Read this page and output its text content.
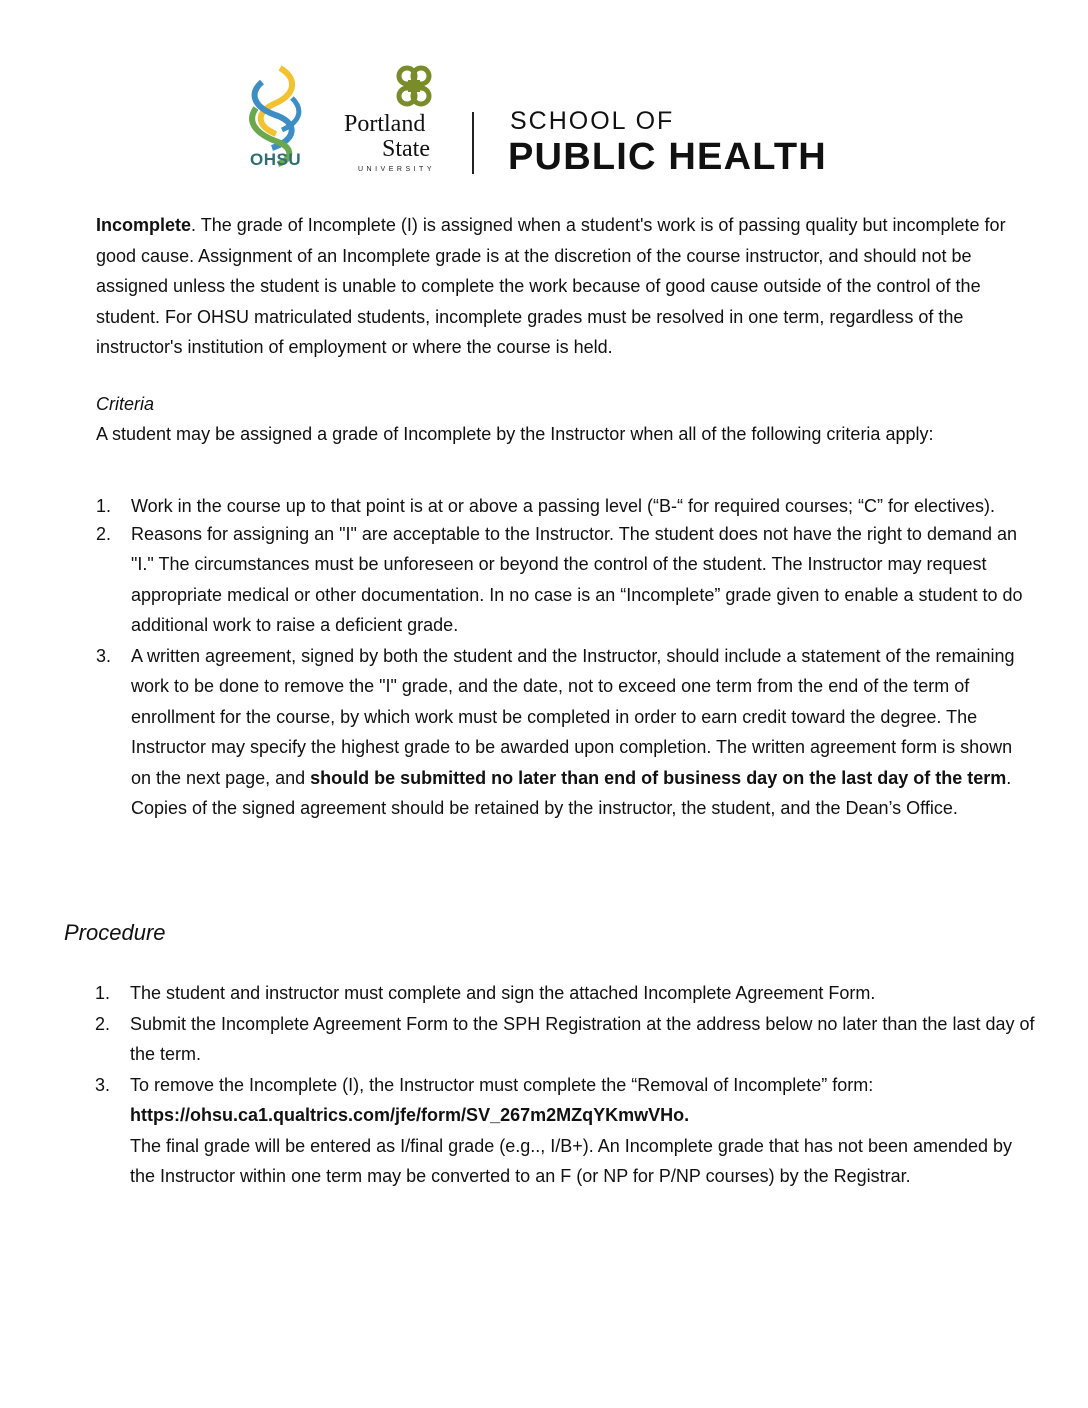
OHSU
Portland
State
UNIVERSITY
SCHOOL OF
PUBLIC HEALTH

Incomplete. The grade of Incomplete (I) is assigned when a student's work is of passing quality but incomplete for good cause. Assignment of an Incomplete grade is at the discretion of the course instructor, and should not be assigned unless the student is unable to complete the work because of good cause outside of the control of the student. For OHSU matriculated students, incomplete grades must be resolved in one term, regardless of the instructor's institution of employment or where the course is held.

Criteria

A student may be assigned a grade of Incomplete by the Instructor when all of the following criteria apply:

1. Work in the course up to that point is at or above a passing level (“B-“ for required courses; “C” for electives).
2. Reasons for assigning an "I" are acceptable to the Instructor. The student does not have the right to demand an "I." The circumstances must be unforeseen or beyond the control of the student. The Instructor may request appropriate medical or other documentation. In no case is an “Incomplete” grade given to enable a student to do additional work to raise a deficient grade.
3. A written agreement, signed by both the student and the Instructor, should include a statement of the remaining work to be done to remove the "I" grade, and the date, not to exceed one term from the end of the term of enrollment for the course, by which work must be completed in order to earn credit toward the degree. The Instructor may specify the highest grade to be awarded upon completion. The written agreement form is shown on the next page, and should be submitted no later than end of business day on the last day of the term. Copies of the signed agreement should be retained by the instructor, the student, and the Dean’s Office.
Procedure
1. The student and instructor must complete and sign the attached Incomplete Agreement Form.
2. Submit the Incomplete Agreement Form to the SPH Registration at the address below no later than the last day of the term.
3. To remove the Incomplete (I), the Instructor must complete the “Removal of Incomplete” form:
https://ohsu.ca1.qualtrics.com/jfe/form/SV_267m2MZqYKmwVHo.
The final grade will be entered as I/final grade (e.g.., I/B+). An Incomplete grade that has not been amended by the Instructor within one term may be converted to an F (or NP for P/NP courses) by the Registrar.
